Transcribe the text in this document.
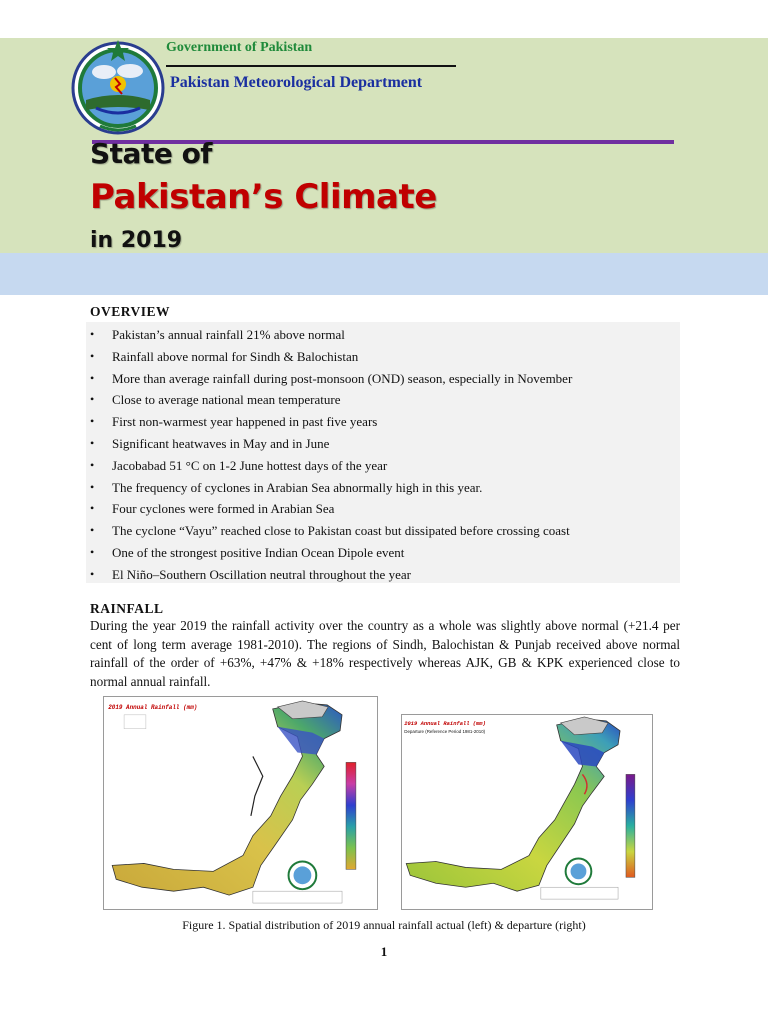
Government of Pakistan
Pakistan Meteorological Department
State of
Pakistan’s Climate
in 2019
OVERVIEW
• Pakistan’s annual rainfall 21% above normal
• Rainfall above normal for Sindh & Balochistan
• More than average rainfall during post-monsoon (OND) season, especially in November
• Close to average national mean temperature
• First non-warmest year happened in past five years
• Significant heatwaves in May and in June
• Jacobabad 51 °C on 1-2 June hottest days of the year
• The frequency of cyclones in Arabian Sea abnormally high in this year.
• Four cyclones were formed in Arabian Sea
• The cyclone “Vayu” reached close to Pakistan coast but dissipated before crossing coast
• One of the strongest positive Indian Ocean Dipole event
• El Niño–Southern Oscillation neutral throughout the year
RAINFALL
During the year 2019 the rainfall activity over the country as a whole was slightly above normal (+21.4 per cent of long term average 1981-2010). The regions of Sindh, Balochistan & Punjab received above normal rainfall of the order of +63%, +47% & +18% respectively whereas AJK, GB & KPK experienced close to normal annual rainfall.
2019 Annual Rainfall (mm)
2019 Annual Rainfall (mm)
Departure (Reference Period 1981-2010)
Figure 1. Spatial distribution of 2019 annual rainfall actual (left) & departure (right)
1
